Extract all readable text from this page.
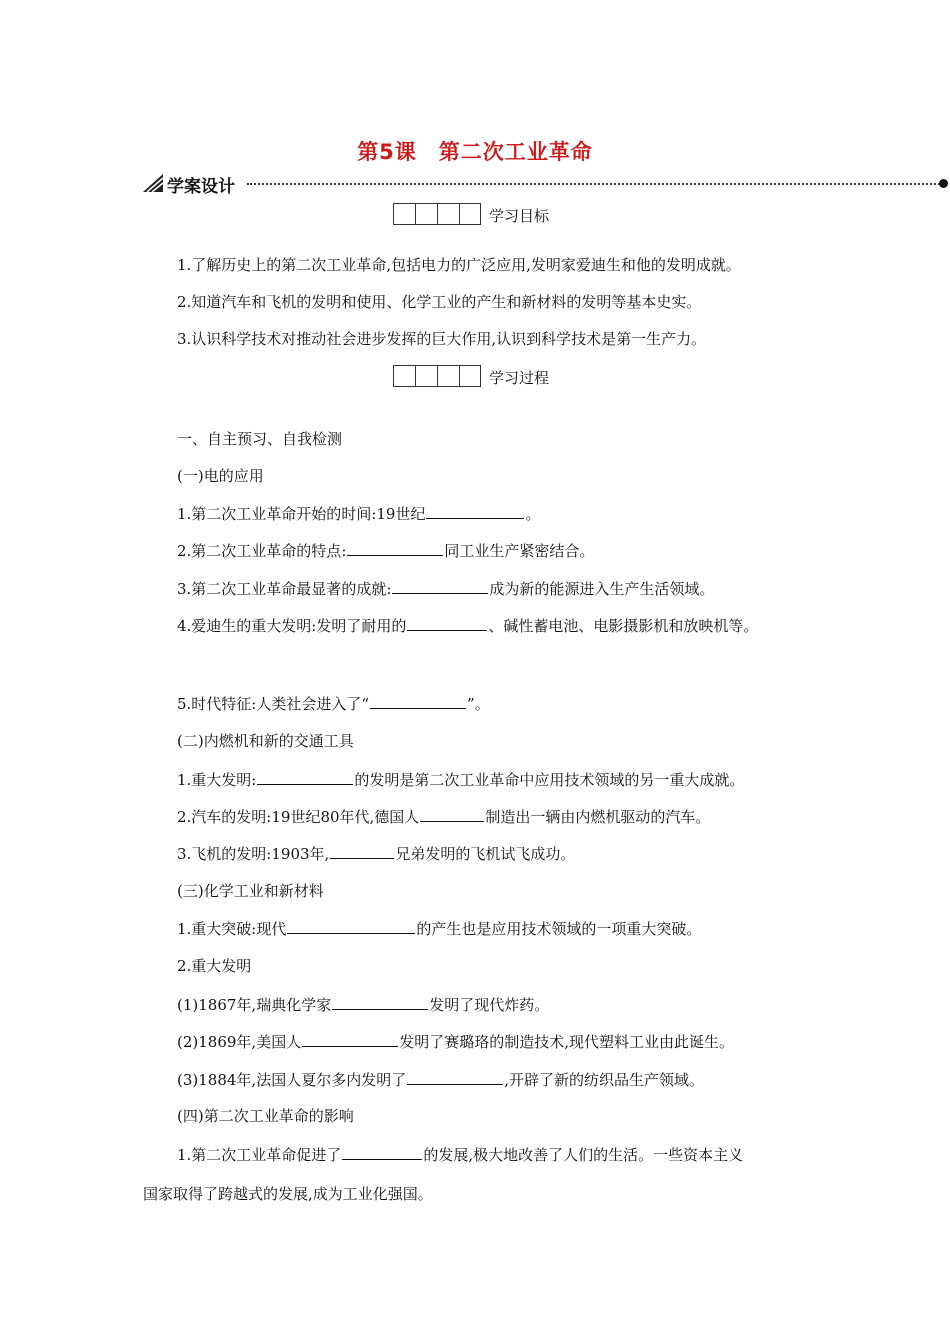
第5课　第二次工业革命
学案设计
学习目标
1.了解历史上的第二次工业革命,包括电力的广泛应用,发明家爱迪生和他的发明成就。
2.知道汽车和飞机的发明和使用、化学工业的产生和新材料的发明等基本史实。
3.认识科学技术对推动社会进步发挥的巨大作用,认识到科学技术是第一生产力。
学习过程
一、自主预习、自我检测
(一)电的应用
1.第二次工业革命开始的时间:19世纪	。
2.第二次工业革命的特点:	同工业生产紧密结合。
3.第二次工业革命最显著的成就:	成为新的能源进入生产生活领域。
4.爱迪生的重大发明:发明了耐用的	、碱性蓄电池、电影摄影机和放映机等。
5.时代特征:人类社会进入了“	”。
(二)内燃机和新的交通工具
1.重大发明:	的发明是第二次工业革命中应用技术领域的另一重大成就。
2.汽车的发明:19世纪80年代,德国人	制造出一辆由内燃机驱动的汽车。
3.飞机的发明:1903年,	兄弟发明的飞机试飞成功。
(三)化学工业和新材料
1.重大突破:现代	的产生也是应用技术领域的一项重大突破。
2.重大发明
(1)1867年,瑞典化学家	发明了现代炸药。
(2)1869年,美国人	发明了赛璐珞的制造技术,现代塑料工业由此诞生。
(3)1884年,法国人夏尔多内发明了	,开辟了新的纺织品生产领域。
(四)第二次工业革命的影响
1.第二次工业革命促进了	的发展,极大地改善了人们的生活。一些资本主义
国家取得了跨越式的发展,成为工业化强国。
